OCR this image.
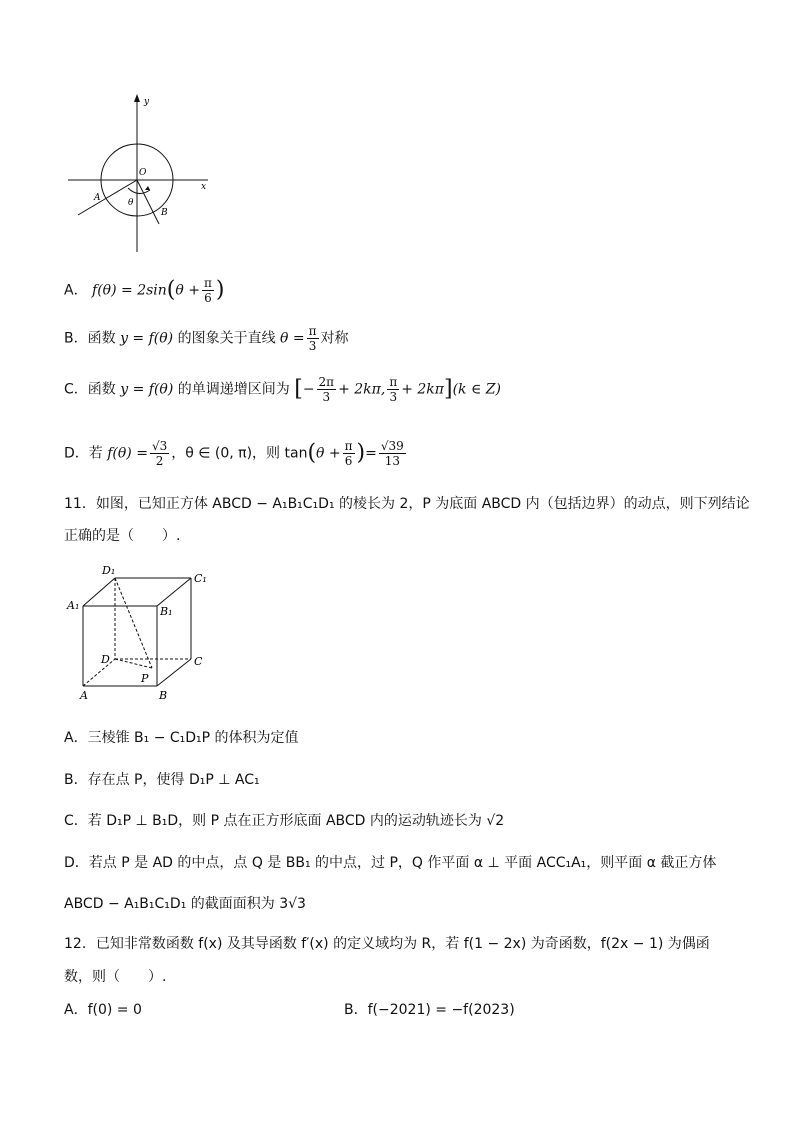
y
O
x
A	θ
B
A． $f(\theta) = 2\sin(\theta + \frac{\pi}{6}$ )
B．函数 y = f(θ) 的图象关于直线 $\theta = \frac{\pi}{3}$ 对称
C．函数 y = f(θ) 的单调递增区间为 [− $\frac{2\pi}{3} + 2k\pi$, $\frac{\pi}{3} + 2k\pi](k$ ∈ Z)
D．若 $f(\theta) = \frac{√3}{2}$ ，θ ∈ (0, π)，则 $\tan(\theta + \frac{\pi}{6}$ )= $\frac{√39}{13}$
11．如图，已知正方体 ABCD − A₁B₁C₁D₁ 的棱长为 2，P 为底面 ABCD 内（包括边界）的动点，则下列结论
正确的是（　　）.
D₁
C₁
A₁	B₁
D	C
P
A	B
A．三棱锥 B₁ − C₁D₁P 的体积为定值
B．存在点 P，使得 D₁P ⊥ AC₁
C．若 D₁P ⊥ B₁D，则 P 点在正方形底面 ABCD 内的运动轨迹长为 √2
D．若点 P 是 AD 的中点，点 Q 是 BB₁ 的中点，过 P，Q 作平面 α ⊥ 平面 ACC₁A₁，则平面 α 截正方体
ABCD − A₁B₁C₁D₁ 的截面面积为 3√3
12．已知非常数函数 f(x) 及其导函数 f′(x) 的定义域均为 R，若 f(1 − 2x) 为奇函数，f(2x − 1) 为偶函
数，则（　　）.
A．f(0) = 0	B．f(−2021) = −f(2023)
